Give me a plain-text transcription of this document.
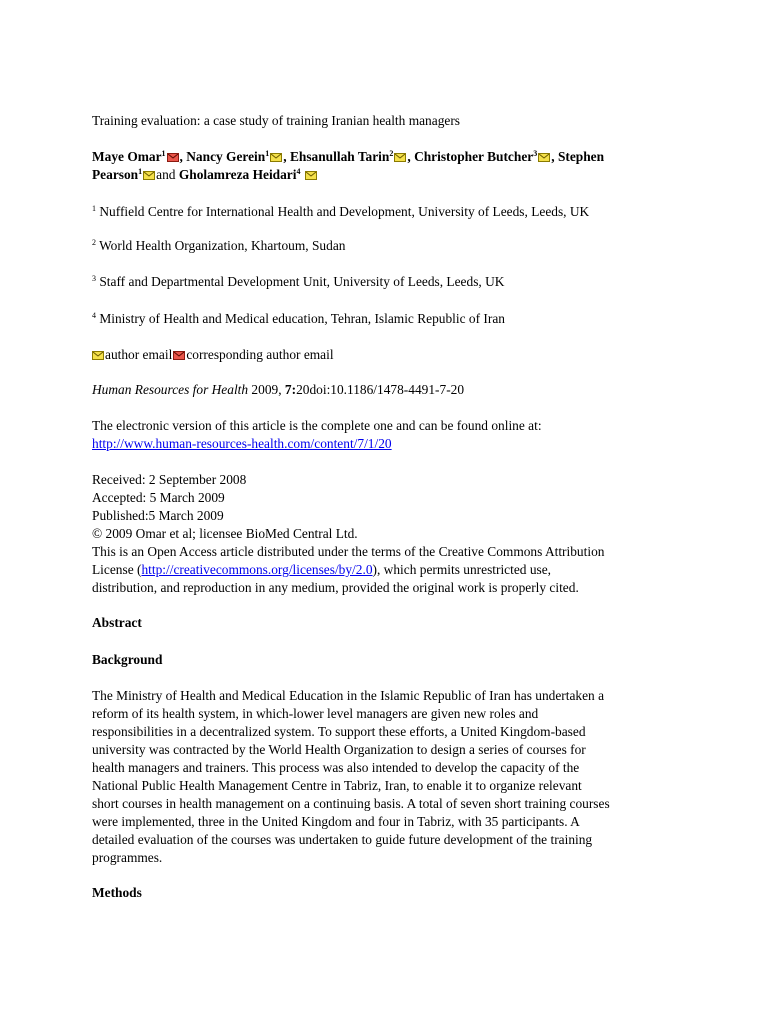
Training evaluation: a case study of training Iranian health managers
Maye Omar$^1$ , Nancy Gerein$^1$ , Ehsanullah Tarin$^2$ , Christopher Butcher$^3$ , Stephen
Pearson$^1$ and Gholamreza Heidari$^4$
$^1$ Nuffield Centre for International Health and Development, University of Leeds, Leeds, UK
$^2$ World Health Organization, Khartoum, Sudan
$^3$ Staff and Departmental Development Unit, University of Leeds, Leeds, UK
$^4$ Ministry of Health and Medical education, Tehran, Islamic Republic of Iran
author email corresponding author email
Human Resources for Health 2009, 7:20doi:10.1186/1478-4491-7-20
The electronic version of this article is the complete one and can be found online at:
http://www.human-resources-health.com/content/7/1/20
Received: 2 September 2008
Accepted: 5 March 2009
Published:5 March 2009
© 2009 Omar et al; licensee BioMed Central Ltd.
This is an Open Access article distributed under the terms of the Creative Commons Attribution
License (http://creativecommons.org/licenses/by/2.0), which permits unrestricted use,
distribution, and reproduction in any medium, provided the original work is properly cited.
Abstract
Background
The Ministry of Health and Medical Education in the Islamic Republic of Iran has undertaken a
reform of its health system, in which-lower level managers are given new roles and
responsibilities in a decentralized system. To support these efforts, a United Kingdom-based
university was contracted by the World Health Organization to design a series of courses for
health managers and trainers. This process was also intended to develop the capacity of the
National Public Health Management Centre in Tabriz, Iran, to enable it to organize relevant
short courses in health management on a continuing basis. A total of seven short training courses
were implemented, three in the United Kingdom and four in Tabriz, with 35 participants. A
detailed evaluation of the courses was undertaken to guide future development of the training
programmes.
Methods
